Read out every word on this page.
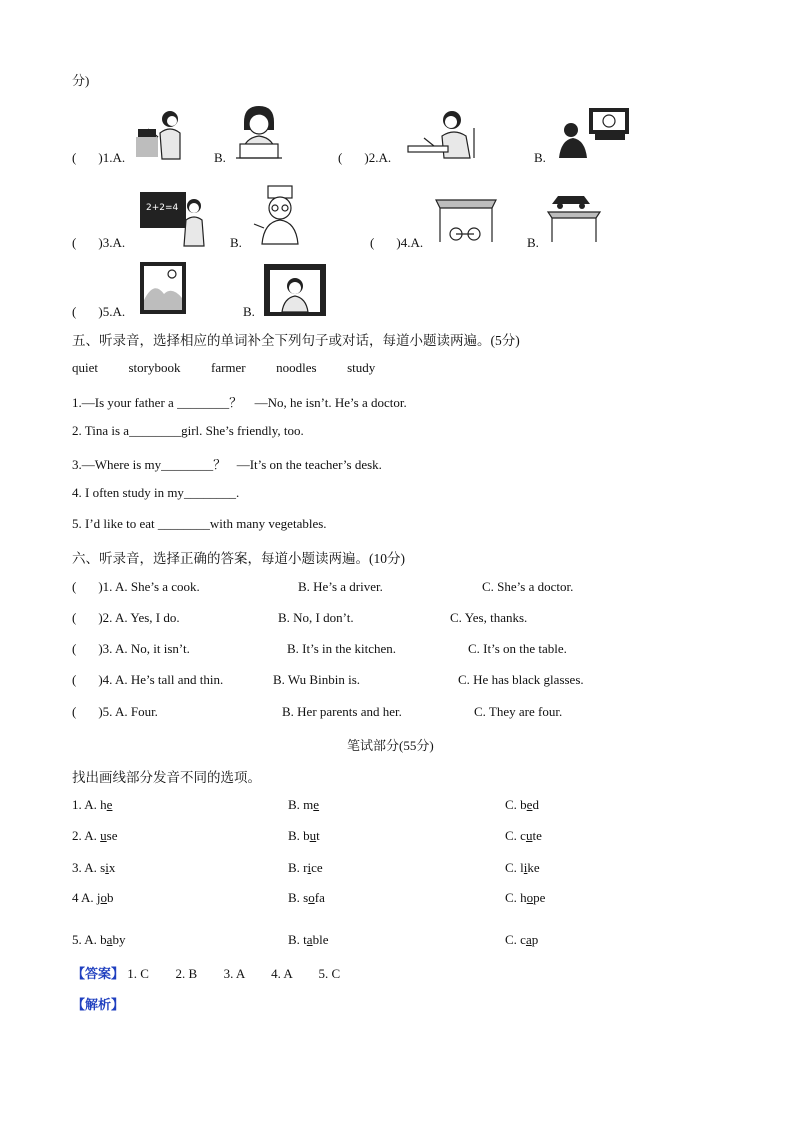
分)
( )1.A.	B.	( )2.A.	B.
( )3.A.
2+2=4
B.	( )4.A.	B.
( )5.A.	B.
五、听录音，选择相应的单词补全下列句子或对话，每道小题读两遍。(5分)
quiet storybook farmer noodles study
1.—Is your father a ________？ —No, he isn’t. He’s a doctor.
2. Tina is a________girl. She’s friendly, too.
3.—Where is my________？ —It’s on the teacher’s desk.
4. I often study in my________.
5. I’d like to eat ________with many vegetables.
六、听录音，选择正确的答案，每道小题读两遍。(10分)
( )1. A. She’s a cook.	B. He’s a driver.	C. She’s a doctor.
( )2. A. Yes, I do.	B. No, I don’t.	C. Yes, thanks.
( )3. A. No, it isn’t.	B. It’s in the kitchen.	C. It’s on the table.
( )4. A. He’s tall and thin.	B. Wu Binbin is.	C. He has black glasses.
( )5. A. Four.	B. Her parents and her.	C. They are four.
笔试部分(55分)
找出画线部分发音不同的选项。
1. A. he	B. me	C. bed
2. A. use	B. but	C. cute
3. A. six	B. rice	C. like
4 A. job	B. sofa	C. hope
5. A. baby	B. table	C. cap
【答案】 1. C 2. B 3. A 4. A 5. C
【解析】
